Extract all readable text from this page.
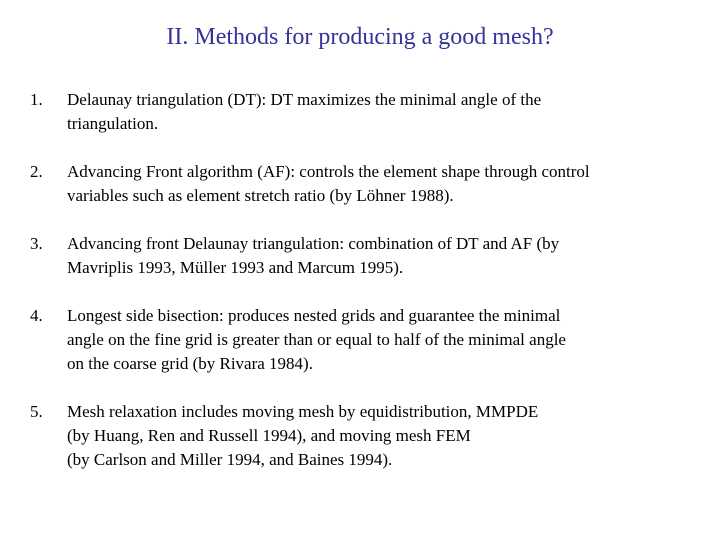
II. Methods for producing a good mesh?
1.	Delaunay triangulation (DT): DT maximizes the minimal angle of the
triangulation.
2.	Advancing Front algorithm (AF): controls the element shape through control
variables such as element stretch ratio (by Löhner 1988).
3.	Advancing front Delaunay triangulation: combination of DT and AF (by
Mavriplis 1993, Müller 1993 and Marcum 1995).
4.	Longest side bisection: produces nested grids and guarantee the minimal
angle on the fine grid is greater than or equal to half of the minimal angle
on the coarse grid (by Rivara 1984).
5.	Mesh relaxation includes moving mesh by equidistribution, MMPDE
(by Huang, Ren and Russell 1994), and moving mesh FEM
(by Carlson and Miller 1994, and Baines 1994).
